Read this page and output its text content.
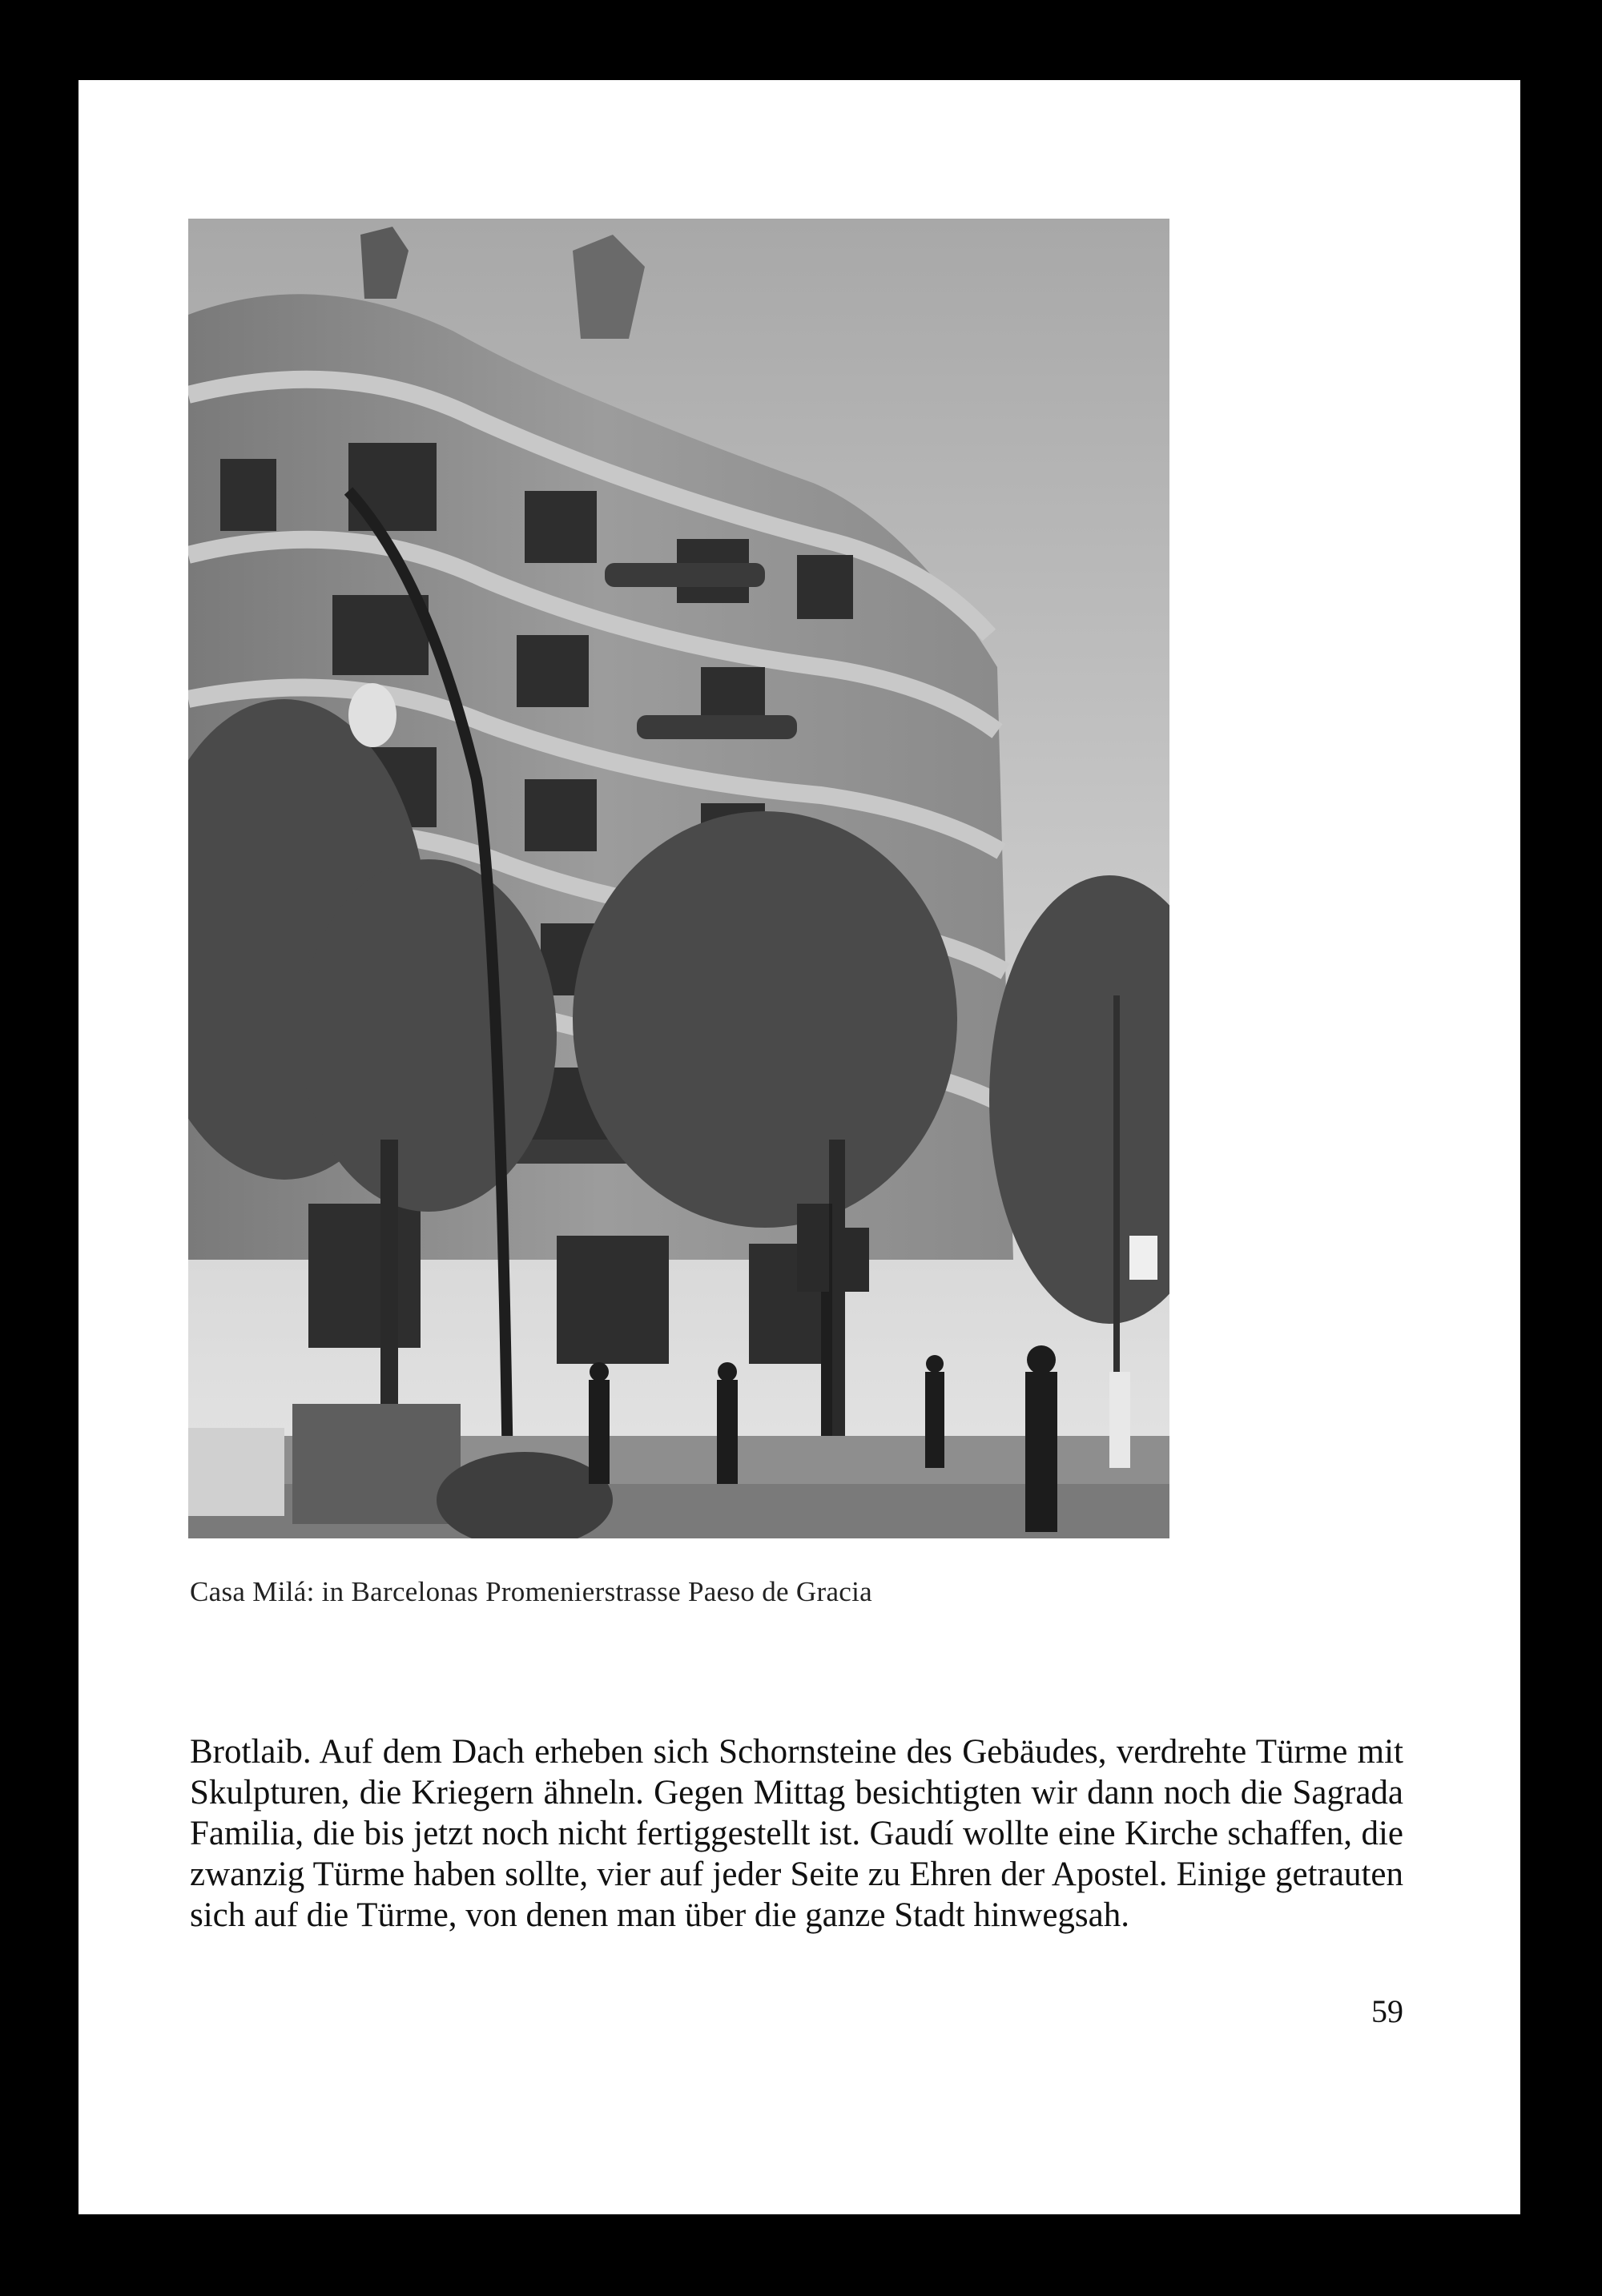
Casa Milá: in Barcelonas Promenierstrasse Paeso de Gracia

Brotlaib. Auf dem Dach erheben sich Schornsteine des Gebäudes, verdrehte Türme mit Skulpturen, die Kriegern ähneln. Gegen Mittag besichtigten wir dann noch die Sagrada Familia, die bis jetzt noch nicht fertiggestellt ist. Gaudí wollte eine Kirche schaffen, die zwanzig Türme haben sollte, vier auf jeder Seite zu Ehren der Apostel. Einige getrauten sich auf die Türme, von denen man über die ganze Stadt hinwegsah.

59
